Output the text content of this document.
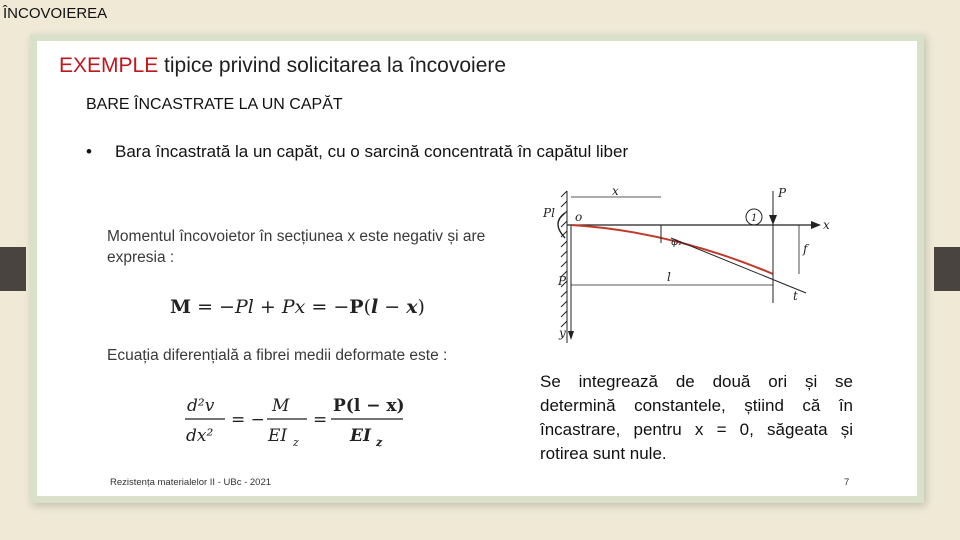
ÎNCOVOIEREA
EXEMPLE tipice privind solicitarea la încovoiere
BARE ÎNCASTRATE LA UN CAPĂT
•	Bara încastrată la un capăt, cu o sarcină concentrată în capătul liber
Momentul încovoietor în secțiunea x este negativ și are expresia :
M = −Pl + Px = −P(l − x)
Ecuația diferențială a fibrei medii deformate este :
d²v
dx²
= −
M
EI z
=
P(l − x)
EI z
x
x
P
Pl o
φ₁
1
f
l
t
P
y
Se integrează de două ori și se determină constantele, știind că în încastrare, pentru x = 0, săgeata și rotirea sunt nule.
Rezistența materialelor II - UBc - 2021	7
